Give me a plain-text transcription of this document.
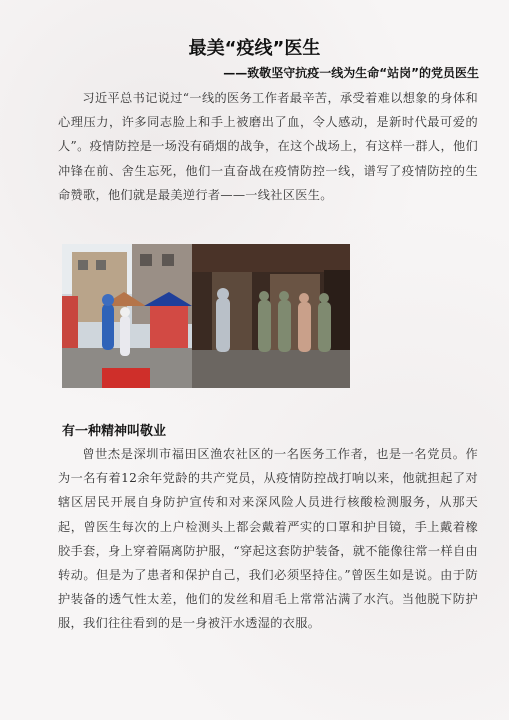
最美“疫线”医生
——致敬坚守抗疫一线为生命“站岗”的党员医生

习近平总书记说过“一线的医务工作者最辛苦，承受着难以想象的身体和心理压力，许多同志脸上和手上被磨出了血，令人感动，是新时代最可爱的人”。疫情防控是一场没有硝烟的战争，在这个战场上，有这样一群人，他们冲锋在前、舍生忘死，他们一直奋战在疫情防控一线，谱写了疫情防控的生命赞歌，他们就是最美逆行者——一线社区医生。

有一种精神叫敬业

曾世杰是深圳市福田区渔农社区的一名医务工作者，也是一名党员。作为一名有着12余年党龄的共产党员，从疫情防控战打响以来，他就担起了对辖区居民开展自身防护宣传和对来深风险人员进行核酸检测服务，从那天起，曾医生每次的上户检测头上都会戴着严实的口罩和护目镜，手上戴着橡胶手套，身上穿着隔离防护服，“穿起这套防护装备，就不能像往常一样自由转动。但是为了患者和保护自己，我们必须坚持住。”曾医生如是说。由于防护装备的透气性太差，他们的发丝和眉毛上常常沾满了水汽。当他脱下防护服，我们往往看到的是一身被汗水透湿的衣服。
